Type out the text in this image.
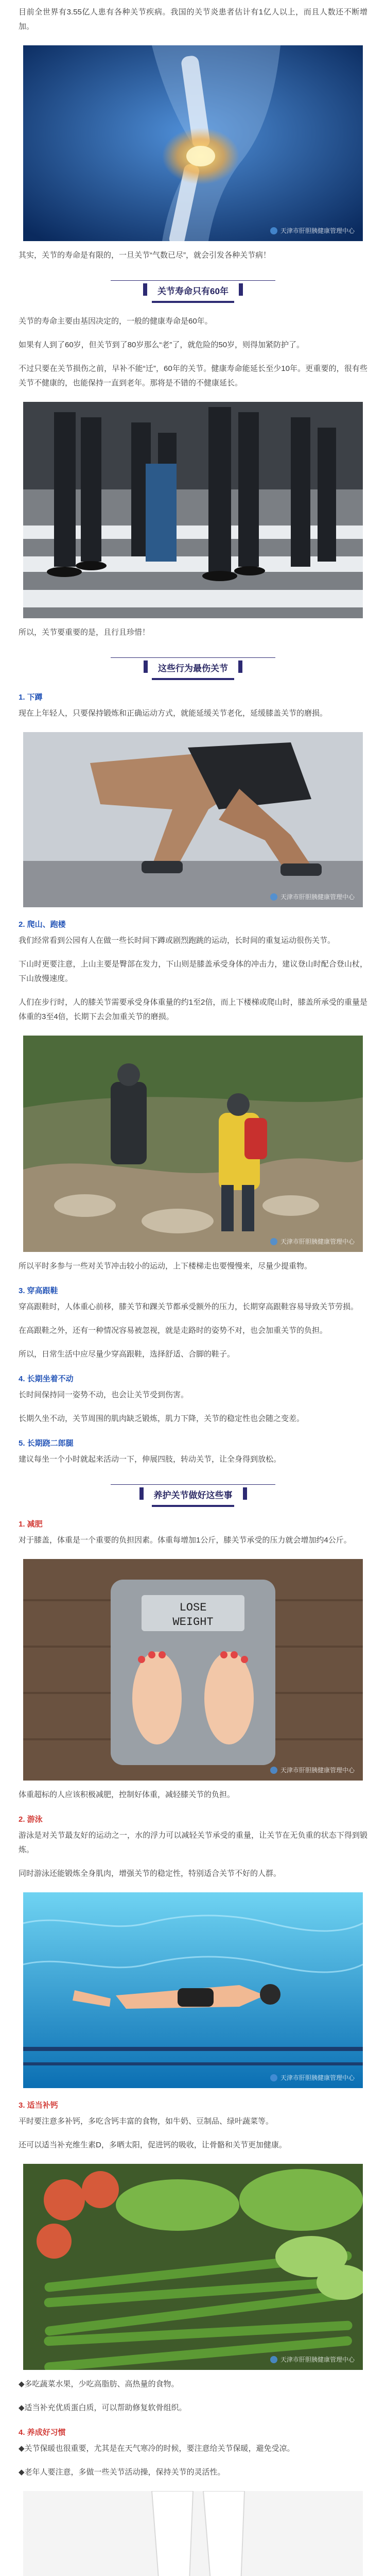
目前全世界有3.55亿人患有各种关节疾病。我国的关节炎患者估计有1亿人以上，而且人数还不断增加。

天津市肝胆胰健康管理中心

其实，关节的寿命是有限的，一旦关节“气数已尽”，就会引发各种关节病！

关节寿命只有60年

关节的寿命主要由基因决定的，一般的健康寿命是60年。

如果有人到了60岁，但关节到了80岁那么“老”了，就危险的50岁，则得加紧防护了。

不过只要在关节损伤之前，早补不能“迁”，60年的关节。健康寿命能延长至少10年。更重要的，很有些关节不健康的，也能保持一直到老年。那将是不错的不健康延长。

所以，关节要重要的是，且行且珍惜！

这些行为最伤关节
1. 下蹲

现在上年轻人，只要保持锻炼和正确运动方式，就能延缓关节老化，延缓膝盖关节的磨损。

天津市肝胆胰健康管理中心
2. 爬山、跑楼

我们经常看到公园有人在做一些长时间下蹲或剧烈跑跳的运动，长时间的重复运动很伤关节。

下山时更要注意，上山主要是臀部在发力，下山则是膝盖承受身体的冲击力，建议登山时配合登山杖，下山放慢速度。

人们在步行时，人的膝关节需要承受身体重量的约1至2倍，而上下楼梯或爬山时，膝盖所承受的重量是体重的3至4倍，长期下去会加重关节的磨损。

天津市肝胆胰健康管理中心

所以平时多参与一些对关节冲击较小的运动，上下楼梯走也要慢慢来，尽量少提重物。

3. 穿高跟鞋

穿高跟鞋时，人体重心前移，膝关节和踝关节都承受额外的压力，长期穿高跟鞋容易导致关节劳损。

在高跟鞋之外，还有一种情况容易被忽视，就是走路时的姿势不对，也会加重关节的负担。

所以，日常生活中应尽量少穿高跟鞋，选择舒适、合脚的鞋子。

4. 长期坐着不动

长时间保持同一姿势不动，也会让关节受到伤害。

长期久坐不动，关节周围的肌肉缺乏锻炼，肌力下降，关节的稳定性也会随之变差。

5. 长期跷二郎腿

建议每坐一个小时就起来活动一下，伸展四肢，转动关节，让全身得到放松。

养护关节做好这些事
1. 减肥

对于膝盖，体重是一个重要的负担因素。体重每增加1公斤，膝关节承受的压力就会增加约4公斤。

LOSE
WEIGHT
天津市肝胆胰健康管理中心

体重超标的人应该积极减肥，控制好体重，减轻膝关节的负担。

2. 游泳

游泳是对关节最友好的运动之一，水的浮力可以减轻关节承受的重量，让关节在无负重的状态下得到锻炼。

同时游泳还能锻炼全身肌肉，增强关节的稳定性，特别适合关节不好的人群。

天津市肝胆胰健康管理中心
3. 适当补钙

平时要注意多补钙，多吃含钙丰富的食物，如牛奶、豆制品、绿叶蔬菜等。

还可以适当补充维生素D，多晒太阳，促进钙的吸收，让骨骼和关节更加健康。

天津市肝胆胰健康管理中心

◆多吃蔬菜水果，少吃高脂肪、高热量的食物。

◆适当补充优质蛋白质，可以帮助修复软骨组织。

4. 养成好习惯

◆关节保暖也很重要，尤其是在天气寒冷的时候，要注意给关节保暖，避免受凉。

◆老年人要注意，多做一些关节活动操，保持关节的灵活性。
